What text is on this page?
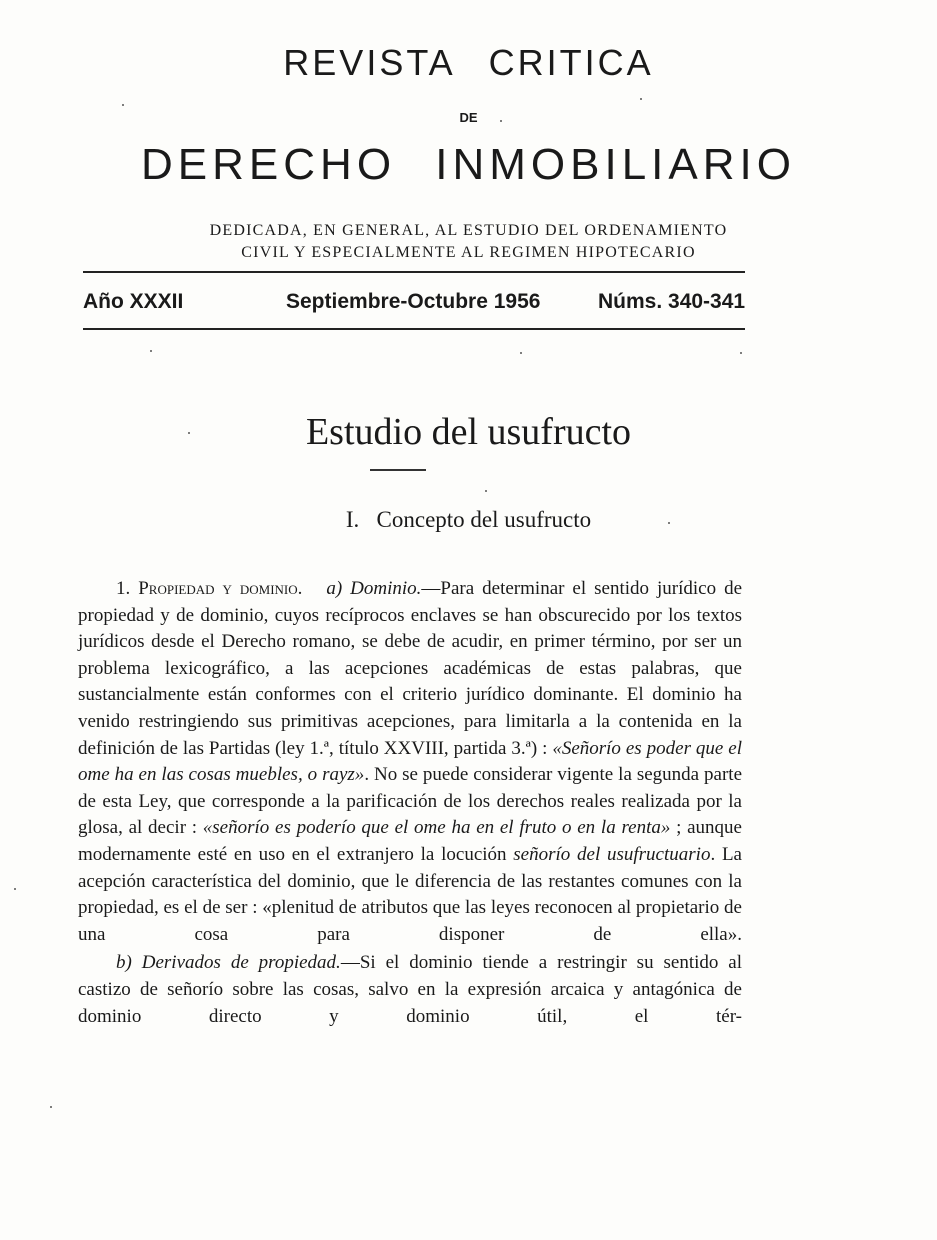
REVISTA CRITICA
DE
DERECHO INMOBILIARIO
DEDICADA, EN GENERAL, AL ESTUDIO DEL ORDENAMIENTO
CIVIL Y ESPECIALMENTE AL REGIMEN HIPOTECARIO
Año XXXII	Septiembre-Octubre 1956	Núms. 340-341
Estudio del usufructo
I. Concepto del usufructo

1. Propiedad y dominio. a) Dominio.—Para determinar el sentido jurídico de propiedad y de dominio, cuyos recíprocos enclaves se han obscurecido por los textos jurídicos desde el Derecho romano, se debe de acudir, en primer término, por ser un problema lexicográfico, a las acepciones académicas de estas palabras, que sustancialmente están conformes con el criterio jurídico dominante. El dominio ha venido restringiendo sus primitivas acepciones, para limitarla a la contenida en la definición de las Partidas (ley 1.ª, título XXVIII, partida 3.ª) : «Señorío es poder que el ome ha en las cosas muebles, o rayz». No se puede considerar vigente la segunda parte de esta Ley, que corresponde a la parificación de los derechos reales realizada por la glosa, al decir : «señorío es poderío que el ome ha en el fruto o en la renta» ; aunque modernamente esté en uso en el extranjero la locución señorío del usufructuario. La acepción característica del dominio, que le diferencia de las restantes comunes con la propiedad, es el de ser : «plenitud de atributos que las leyes reconocen al propietario de una cosa para disponer de ella».

b) Derivados de propiedad.—Si el dominio tiende a restringir su sentido al castizo de señorío sobre las cosas, salvo en la expresión arcaica y antagónica de dominio directo y dominio útil, el tér-
